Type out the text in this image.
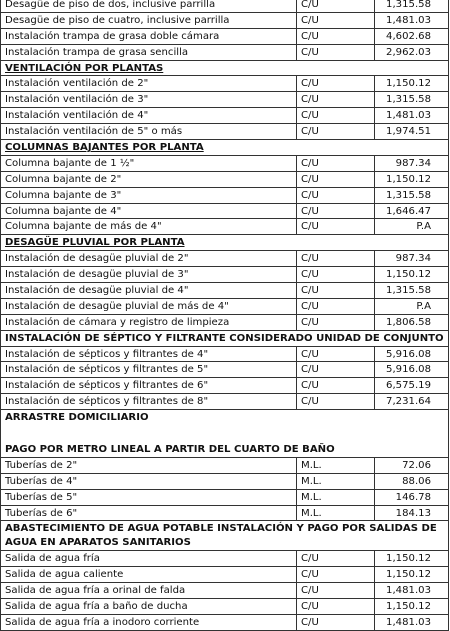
Desagüe de piso de dos, inclusive parrilla	C/U	1,315.58
Desagüe de piso de cuatro, inclusive parrilla	C/U	1,481.03
Instalación trampa de grasa doble cámara	C/U	4,602.68
Instalación trampa de grasa sencilla	C/U	2,962.03
VENTILACIÓN POR PLANTAS
Instalación ventilación de 2"	C/U	1,150.12
Instalación ventilación de 3"	C/U	1,315.58
Instalación ventilación de 4"	C/U	1,481.03
Instalación ventilación de 5" o más	C/U	1,974.51
COLUMNAS BAJANTES POR PLANTA
Columna bajante de 1 ½"	C/U	987.34
Columna bajante de 2"	C/U	1,150.12
Columna bajante de 3"	C/U	1,315.58
Columna bajante de 4"	C/U	1,646.47
Columna bajante de más de 4"	C/U	P.A
DESAGÜE PLUVIAL POR PLANTA
Instalación de desagüe pluvial de 2"	C/U	987.34
Instalación de desagüe pluvial de 3"	C/U	1,150.12
Instalación de desagüe pluvial de 4"	C/U	1,315.58
Instalación de desagüe pluvial de más de 4"	C/U	P.A
Instalación de cámara y registro de limpieza	C/U	1,806.58
INSTALACIÓN DE SÉPTICO Y FILTRANTE CONSIDERADO UNIDAD DE CONJUNTO
Instalación de sépticos y filtrantes de 4"	C/U	5,916.08
Instalación de sépticos y filtrantes de 5"	C/U	5,916.08
Instalación de sépticos y filtrantes de 6"	C/U	6,575.19
Instalación de sépticos y filtrantes de 8"	C/U	7,231.64
ARRASTRE DOMICILIARIO
PAGO POR METRO LINEAL A PARTIR DEL CUARTO DE BAÑO
Tuberías de 2"	M.L.	72.06
Tuberías de 4"	M.L.	88.06
Tuberías de 5"	M.L.	146.78
Tuberías de 6"	M.L.	184.13
ABASTECIMIENTO DE AGUA POTABLE INSTALACIÓN Y PAGO POR SALIDAS DE AGUA EN APARATOS SANITARIOS
Salida de agua fría	C/U	1,150.12
Salida de agua caliente	C/U	1,150.12
Salida de agua fría a orinal de falda	C/U	1,481.03
Salida de agua fría a baño de ducha	C/U	1,150.12
Salida de agua fría a inodoro corriente	C/U	1,481.03
